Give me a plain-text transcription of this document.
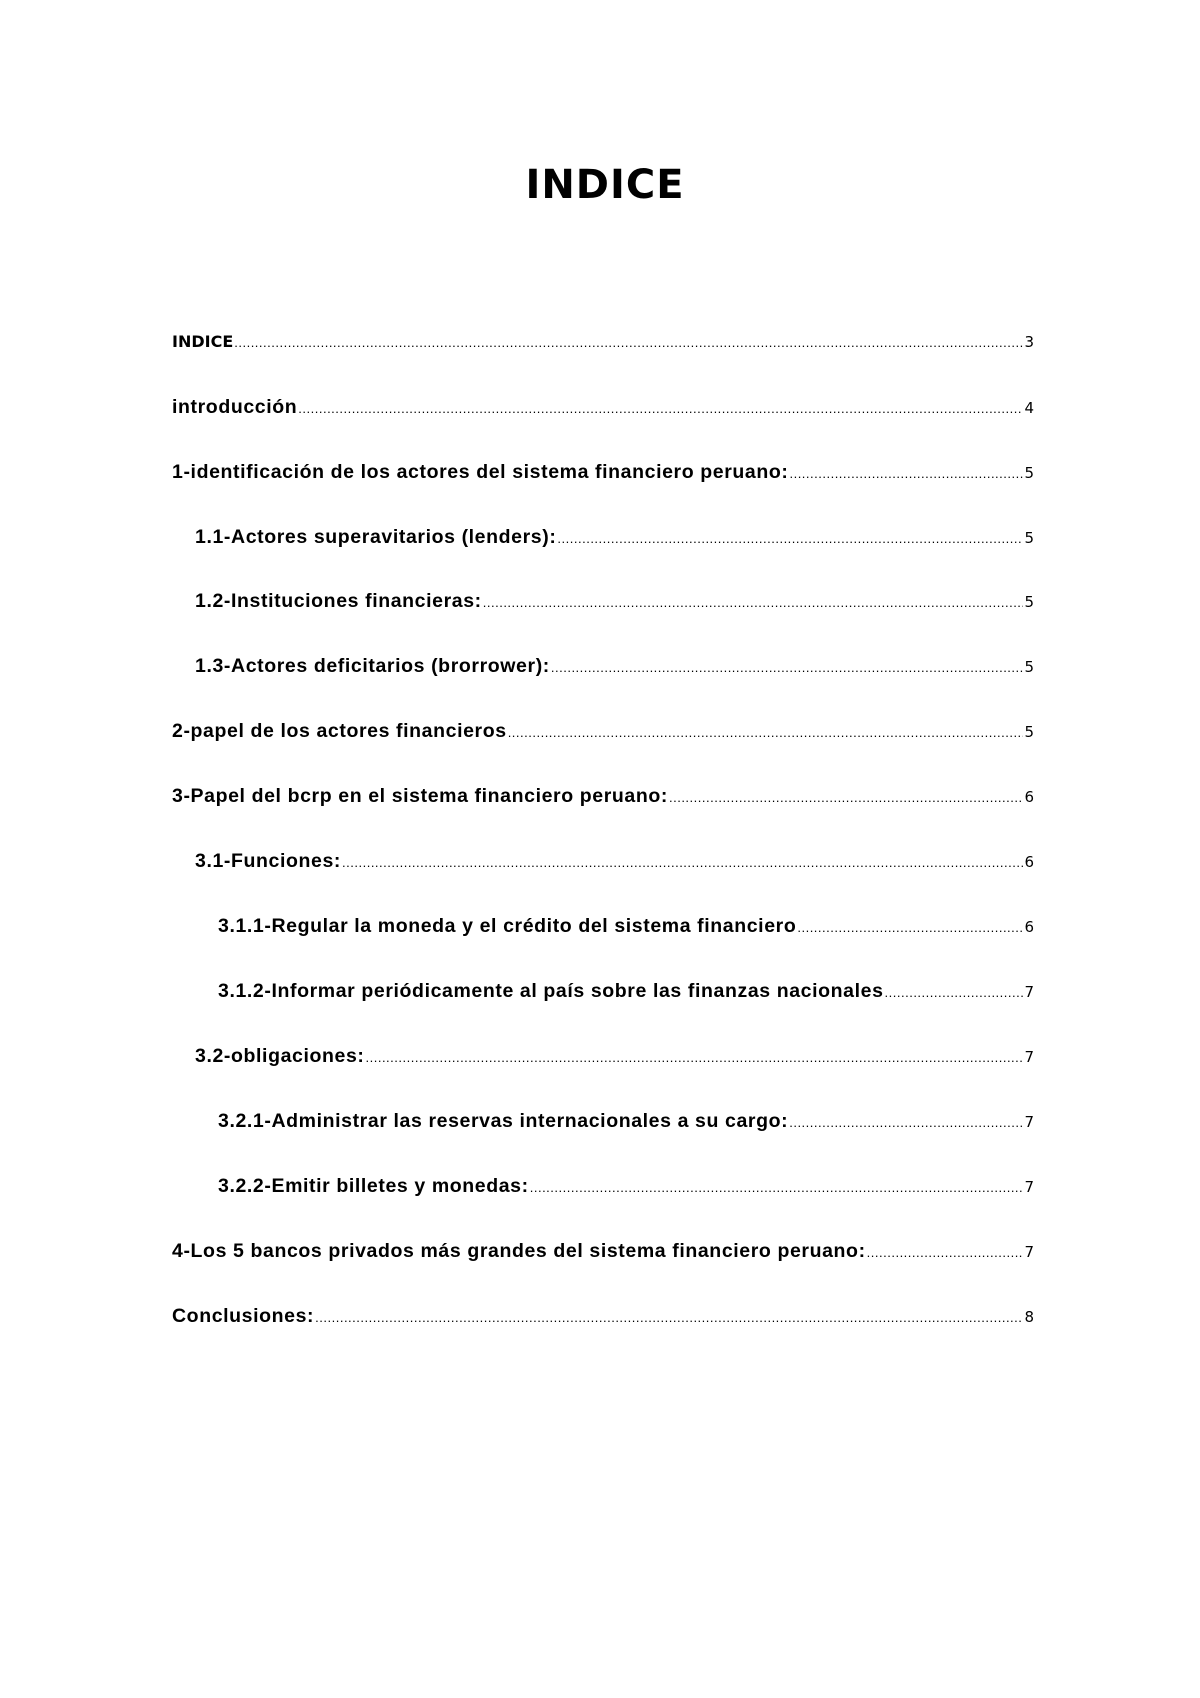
INDICE
INDICE .....	3
introducción .....	4
1- identificación de los actores del sistema financiero peruano: .....	5
1.1- Actores superavitarios (lenders): .....	5
1.2- Instituciones financieras: .....	5
1.3- Actores deficitarios (brorrower): .....	5
2- papel de los actores financieros .....	5
3- Papel del bcrp en el sistema financiero peruano: .....	6
3.1- Funciones: .....	6
3.1.1- Regular la moneda y el crédito del sistema financiero .....	6
3.1.2- Informar periódicamente al país sobre las finanzas nacionales .....	7
3.2- obligaciones: .....	7
3.2.1- Administrar las reservas internacionales a su cargo: .....	7
3.2.2- Emitir billetes y monedas: .....	7
4- Los 5 bancos privados más grandes del sistema financiero peruano: .....	7
Conclusiones: .....	8
